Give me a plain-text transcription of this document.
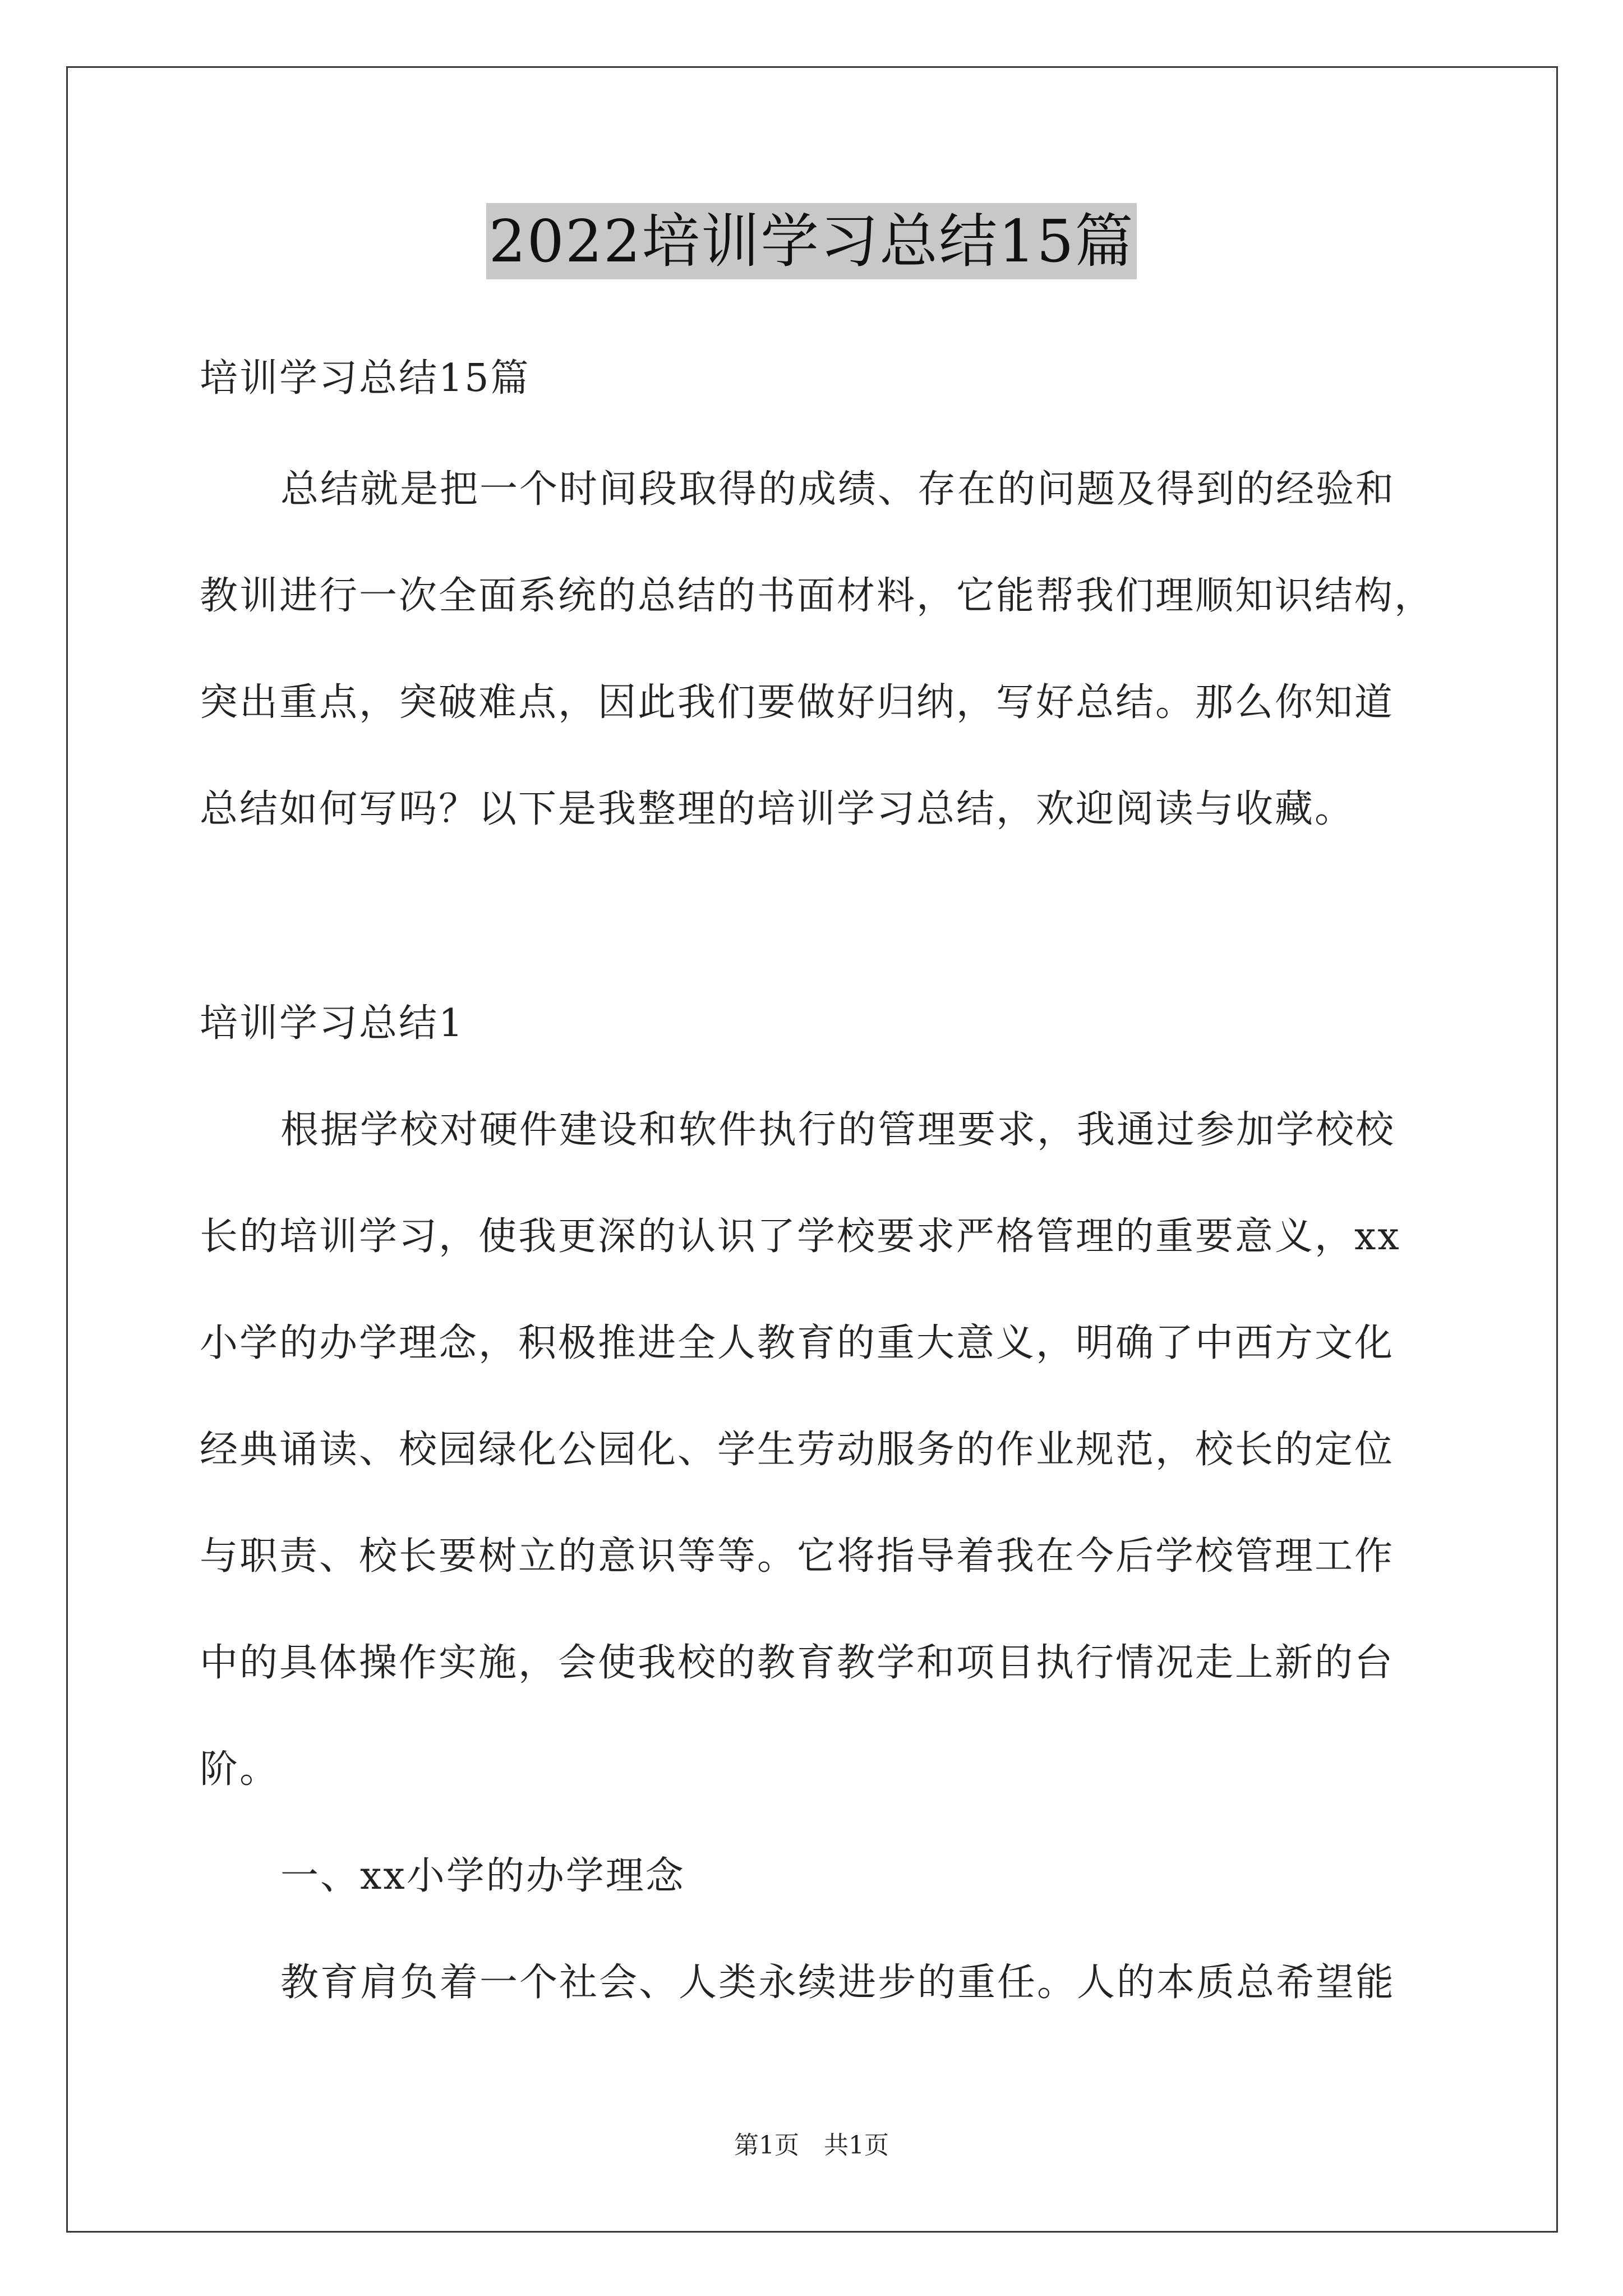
2022培训学习总结15篇
培训学习总结15篇
总结就是把一个时间段取得的成绩、存在的问题及得到的经验和
教训进行一次全面系统的总结的书面材料，它能帮我们理顺知识结构，
突出重点，突破难点，因此我们要做好归纳，写好总结。那么你知道
总结如何写吗？以下是我整理的培训学习总结，欢迎阅读与收藏。
培训学习总结1
根据学校对硬件建设和软件执行的管理要求，我通过参加学校校
长的培训学习，使我更深的认识了学校要求严格管理的重要意义，xx
小学的办学理念，积极推进全人教育的重大意义，明确了中西方文化
经典诵读、校园绿化公园化、学生劳动服务的作业规范，校长的定位
与职责、校长要树立的意识等等。它将指导着我在今后学校管理工作
中的具体操作实施，会使我校的教育教学和项目执行情况走上新的台
阶。
一、xx小学的办学理念
教育肩负着一个社会、人类永续进步的重任。人的本质总希望能
第1页　共1页
